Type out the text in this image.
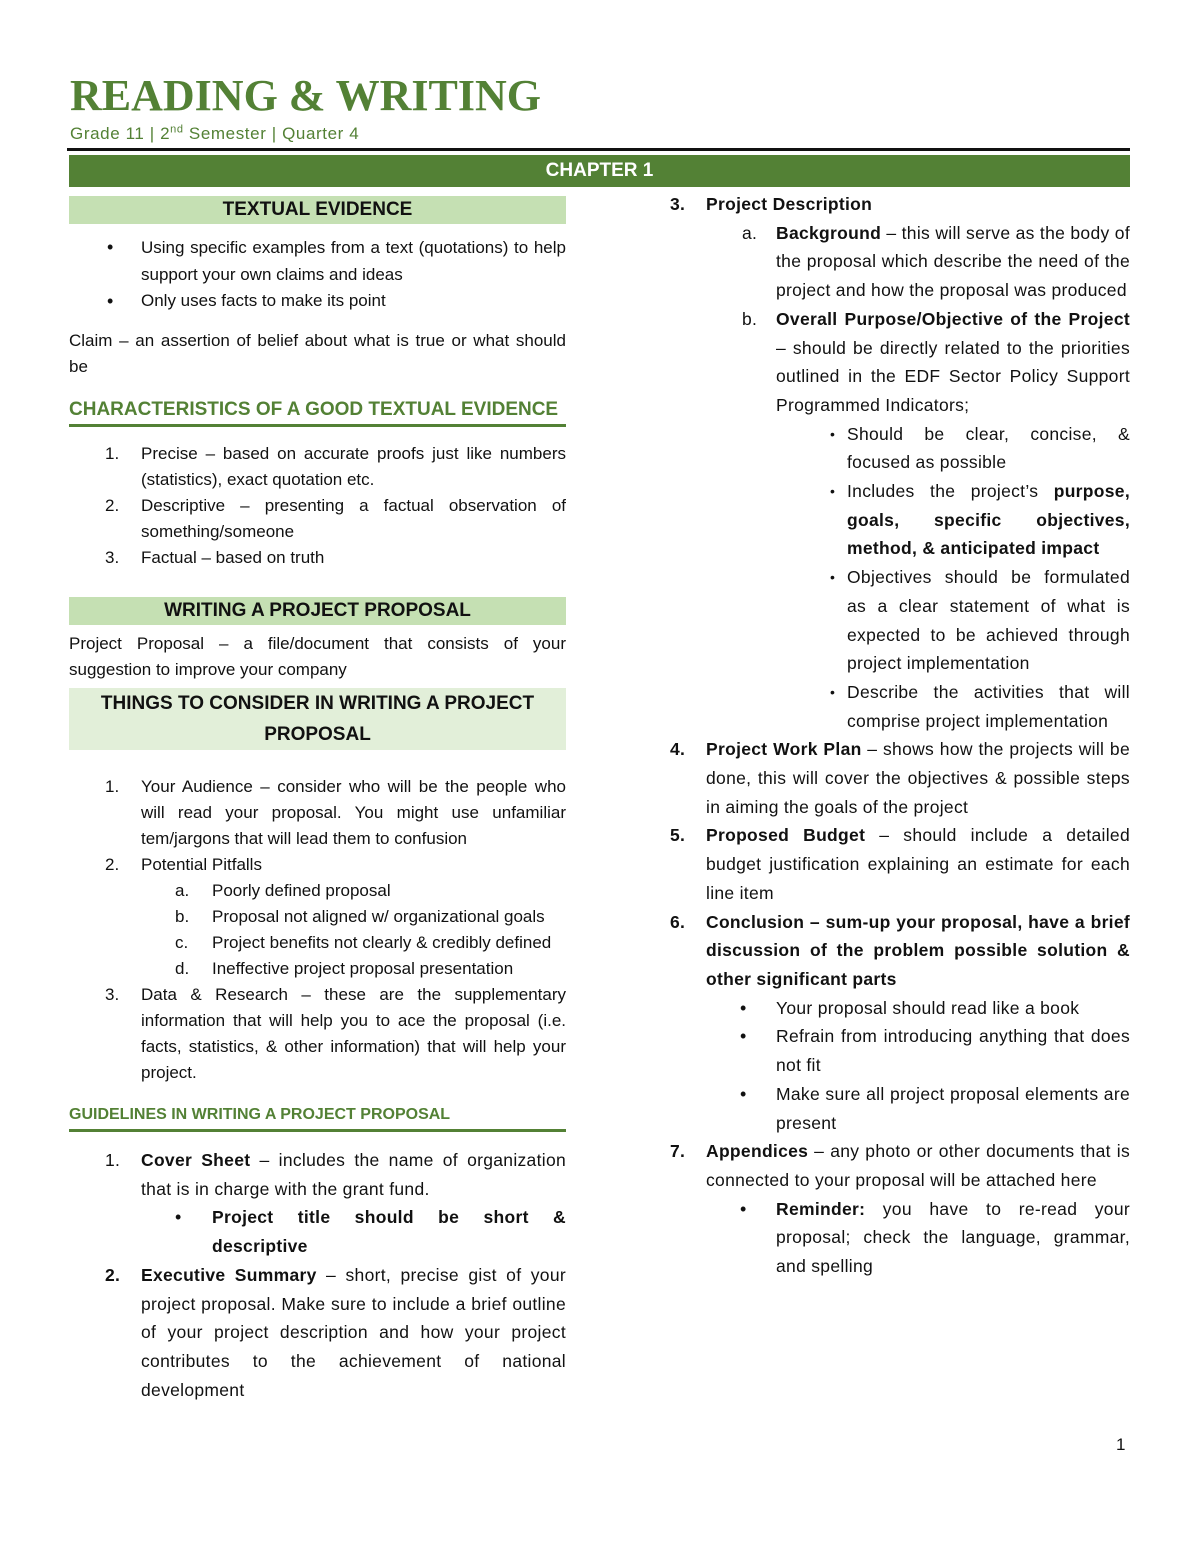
READING & WRITING
Grade 11 | 2nd Semester | Quarter 4
CHAPTER 1
TEXTUAL EVIDENCE
• Using specific examples from a text (quotations) to help support your own claims and ideas
• Only uses facts to make its point
Claim – an assertion of belief about what is true or what should be
CHARACTERISTICS OF A GOOD TEXTUAL EVIDENCE
1. Precise – based on accurate proofs just like numbers (statistics), exact quotation etc.
2. Descriptive – presenting a factual observation of something/someone
3. Factual – based on truth
WRITING A PROJECT PROPOSAL
Project Proposal – a file/document that consists of your suggestion to improve your company
THINGS TO CONSIDER IN WRITING A PROJECT PROPOSAL
1. Your Audience – consider who will be the people who will read your proposal. You might use unfamiliar tem/jargons that will lead them to confusion
2. Potential Pitfalls
a. Poorly defined proposal
b. Proposal not aligned w/ organizational goals
c. Project benefits not clearly & credibly defined
d. Ineffective project proposal presentation
3. Data & Research – these are the supplementary information that will help you to ace the proposal (i.e. facts, statistics, & other information) that will help your project.
GUIDELINES IN WRITING A PROJECT PROPOSAL
1. Cover Sheet – includes the name of organization that is in charge with the grant fund.
• Project title should be short & descriptive
2. Executive Summary – short, precise gist of your project proposal. Make sure to include a brief outline of your project description and how your project contributes to the achievement of national development
3. Project Description
a. Background – this will serve as the body of the proposal which describe the need of the project and how the proposal was produced
b. Overall Purpose/Objective of the Project – should be directly related to the priorities outlined in the EDF Sector Policy Support Programmed Indicators;
• Should be clear, concise, & focused as possible
• Includes the project’s purpose, goals, specific objectives, method, & anticipated impact
• Objectives should be formulated as a clear statement of what is expected to be achieved through project implementation
• Describe the activities that will comprise project implementation
4. Project Work Plan – shows how the projects will be done, this will cover the objectives & possible steps in aiming the goals of the project
5. Proposed Budget – should include a detailed budget justification explaining an estimate for each line item
6. Conclusion – sum-up your proposal, have a brief discussion of the problem possible solution & other significant parts
• Your proposal should read like a book
• Refrain from introducing anything that does not fit
• Make sure all project proposal elements are present
7. Appendices – any photo or other documents that is connected to your proposal will be attached here
• Reminder: you have to re-read your proposal; check the language, grammar, and spelling
1
